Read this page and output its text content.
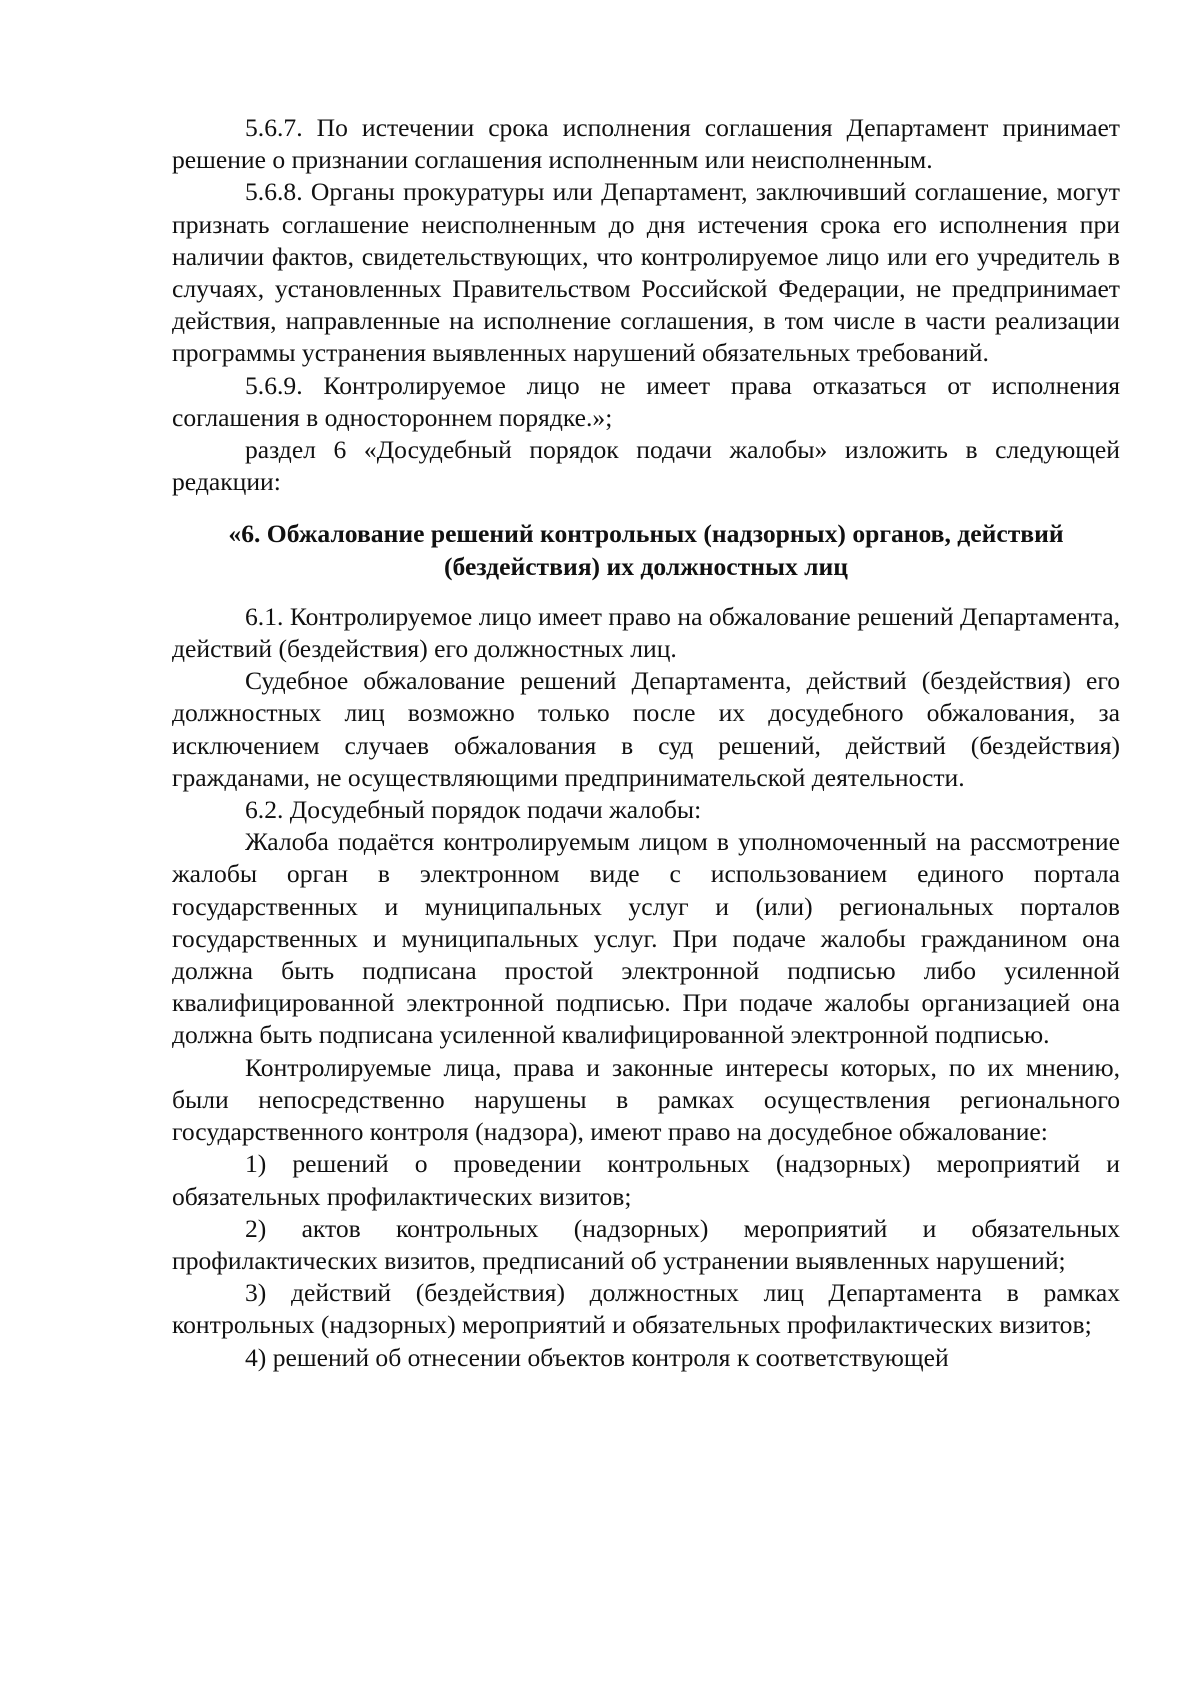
5.6.7. По истечении срока исполнения соглашения Департамент принимает решение о признании соглашения исполненным или неисполненным.

5.6.8. Органы прокуратуры или Департамент, заключивший соглашение, могут признать соглашение неисполненным до дня истечения срока его исполнения при наличии фактов, свидетельствующих, что контролируемое лицо или его учредитель в случаях, установленных Правительством Российской Федерации, не предпринимает действия, направленные на исполнение соглашения, в том числе в части реализации программы устранения выявленных нарушений обязательных требований.

5.6.9. Контролируемое лицо не имеет права отказаться от исполнения соглашения в одностороннем порядке.»;

раздел 6 «Досудебный порядок подачи жалобы» изложить в следующей редакции:

«6. Обжалование решений контрольных (надзорных) органов, действий
(бездействия) их должностных лиц

6.1. Контролируемое лицо имеет право на обжалование решений Департамента, действий (бездействия) его должностных лиц.

Судебное обжалование решений Департамента, действий (бездействия) его должностных лиц возможно только после их досудебного обжалования, за исключением случаев обжалования в суд решений, действий (бездействия) гражданами, не осуществляющими предпринимательской деятельности.

6.2. Досудебный порядок подачи жалобы:

Жалоба подаётся контролируемым лицом в уполномоченный на рассмотрение жалобы орган в электронном виде с использованием единого портала государственных и муниципальных услуг и (или) региональных порталов государственных и муниципальных услуг. При подаче жалобы гражданином она должна быть подписана простой электронной подписью либо усиленной квалифицированной электронной подписью. При подаче жалобы организацией она должна быть подписана усиленной квалифицированной электронной подписью.

Контролируемые лица, права и законные интересы которых, по их мнению, были непосредственно нарушены в рамках осуществления регионального государственного контроля (надзора), имеют право на досудебное обжалование:

1) решений о проведении контрольных (надзорных) мероприятий и обязательных профилактических визитов;

2) актов контрольных (надзорных) мероприятий и обязательных профилактических визитов, предписаний об устранении выявленных нарушений;

3) действий (бездействия) должностных лиц Департамента в рамках контрольных (надзорных) мероприятий и обязательных профилактических визитов;

4) решений об отнесении объектов контроля к соответствующей
